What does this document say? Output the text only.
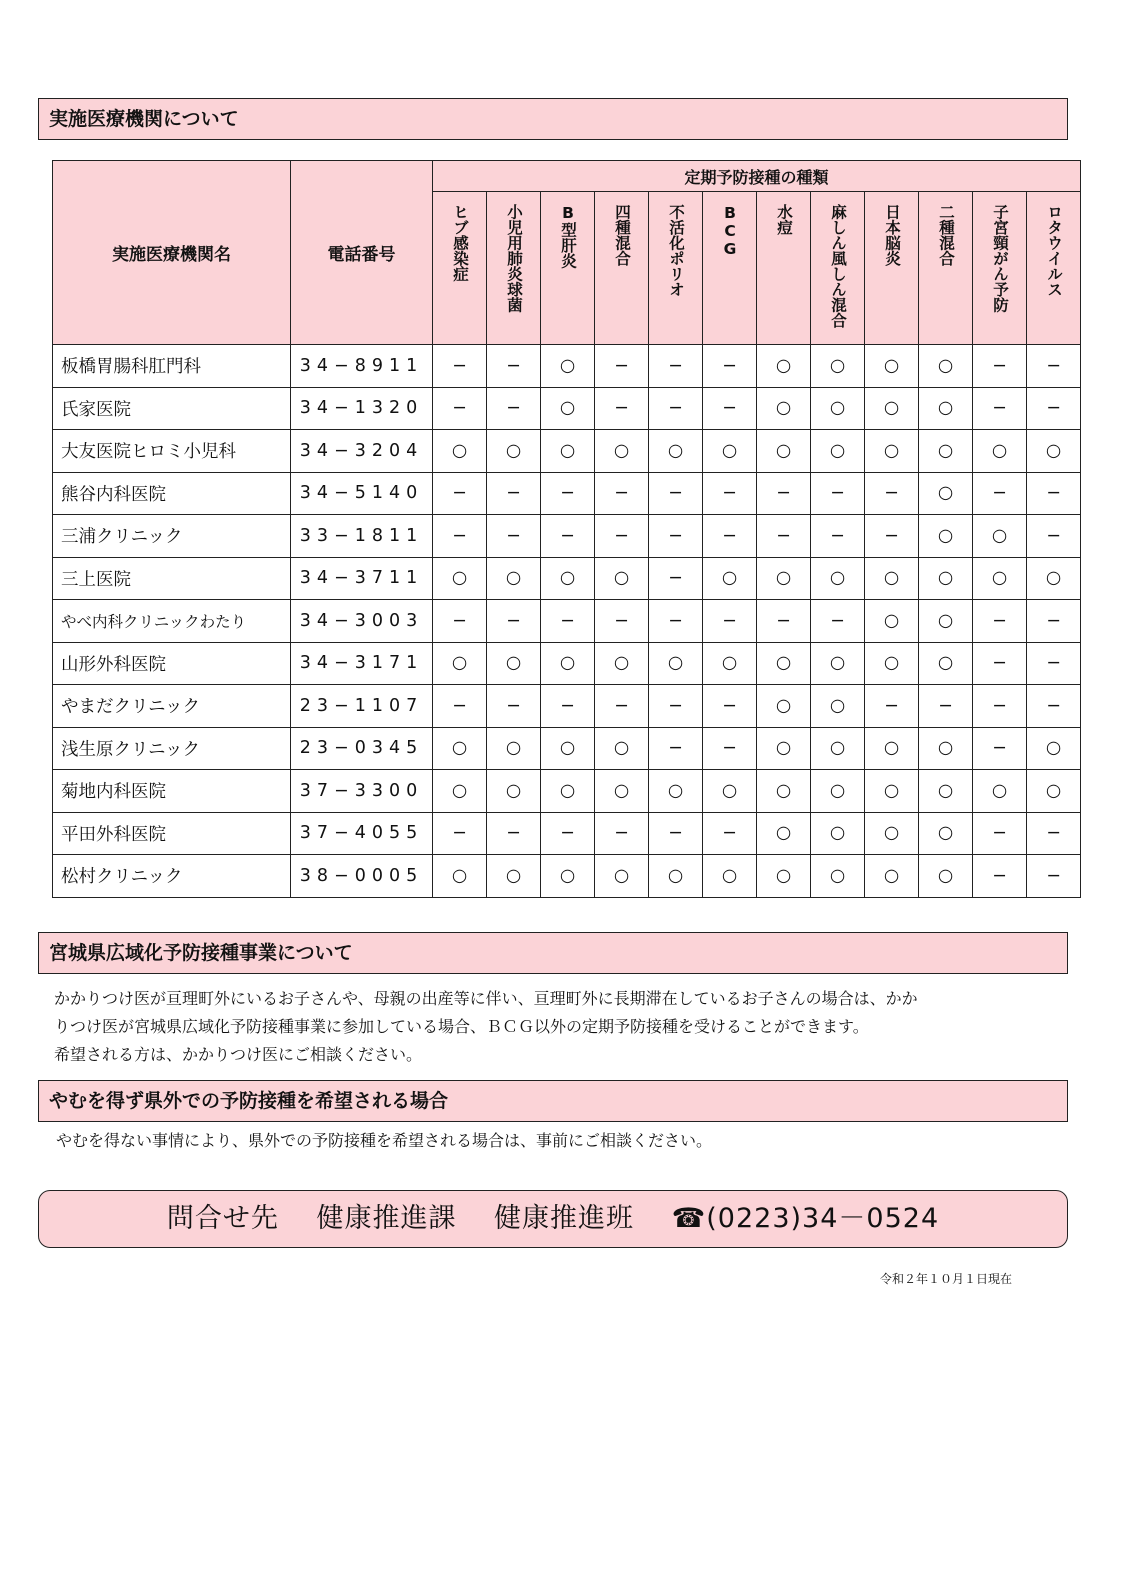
実施医療機関について
実施医療機関名	電話番号	定期予防接種の種類											

		ヒブ感染症	小児用肺炎球菌	B型肝炎	四種混合	不活化ポリオ	BCG	水痘	麻しん風しん混合	日本脳炎	二種混合	子宮頸がん予防	ロタウイルス

板橋胃腸科肛門科	34−8911	−	−	○	−	−	−	○	○	○	○	−	−
氏家医院	34−1320	−	−	○	−	−	−	○	○	○	○	−	−
大友医院ヒロミ小児科	34−3204	○	○	○	○	○	○	○	○	○	○	○	○
熊谷内科医院	34−5140	−	−	−	−	−	−	−	−	−	○	−	−
三浦クリニック	33−1811	−	−	−	−	−	−	−	−	−	○	○	−
三上医院	34−3711	○	○	○	○	−	○	○	○	○	○	○	○
やべ内科クリニックわたり	34−3003	−	−	−	−	−	−	−	−	○	○	−	−
山形外科医院	34−3171	○	○	○	○	○	○	○	○	○	○	−	−
やまだクリニック	23−1107	−	−	−	−	−	−	○	○	−	−	−	−
浅生原クリニック	23−0345	○	○	○	○	−	−	○	○	○	○	−	○
菊地内科医院	37−3300	○	○	○	○	○	○	○	○	○	○	○	○
平田外科医院	37−4055	−	−	−	−	−	−	○	○	○	○	−	−
松村クリニック	38−0005	○	○	○	○	○	○	○	○	○	○	−	−
宮城県広域化予防接種事業について
かかりつけ医が亘理町外にいるお子さんや、母親の出産等に伴い、亘理町外に長期滞在しているお子さんの場合は、かか
りつけ医が宮城県広域化予防接種事業に参加している場合、ＢＣＧ以外の定期予防接種を受けることができます。
希望される方は、かかりつけ医にご相談ください。
やむを得ず県外での予防接種を希望される場合
やむを得ない事情により、県外での予防接種を希望される場合は、事前にご相談ください。
問合せ先 健康推進課 健康推進班 ☎(0223)34－0524
令和２年１０月１日現在
